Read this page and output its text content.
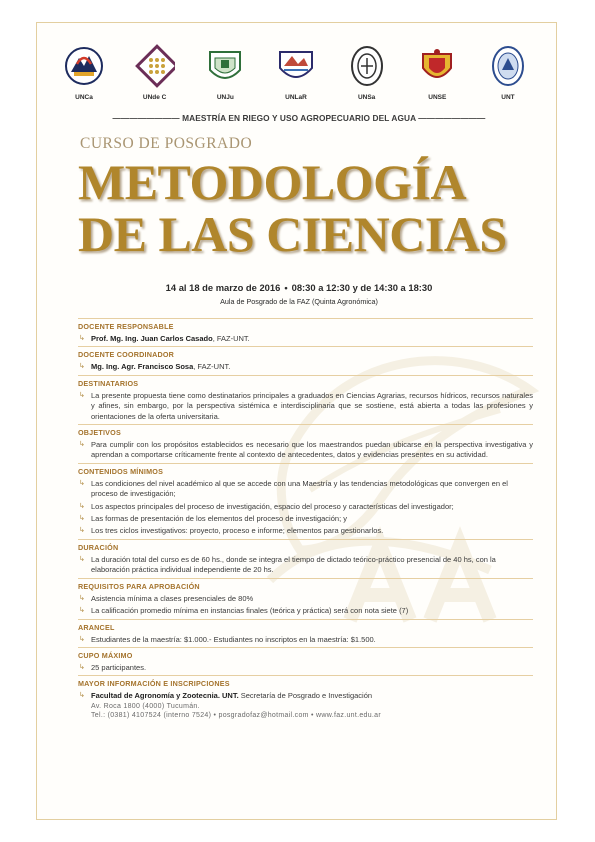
UNCa	UNde C	UNJu	UNLaR	UNSa	UNSE	UNT
———————— MAESTRÍA EN RIEGO Y USO AGROPECUARIO DEL AGUA ————————
CURSO DE POSGRADO
METODOLOGÍA
DE LAS CIENCIAS
14 al 18 de marzo de 2016 • 08:30 a 12:30 y de 14:30 a 18:30
Aula de Posgrado de la FAZ (Quinta Agronómica)
DOCENTE RESPONSABLE
↳ Prof. Mg. Ing. Juan Carlos Casado, FAZ-UNT.
DOCENTE COORDINADOR
↳ Mg. Ing. Agr. Francisco Sosa, FAZ-UNT.
DESTINATARIOS
↳ La presente propuesta tiene como destinatarios principales a graduados en Ciencias Agrarias, recursos hídricos, recursos naturales y afines, sin embargo, por la perspectiva sistémica e interdisciplinaria que se sostiene, está abierta a todas las profesiones y orientaciones de la oferta universitaria.
OBJETIVOS
↳ Para cumplir con los propósitos establecidos es necesario que los maestrandos puedan ubicarse en la perspectiva investigativa y aprendan a comportarse críticamente frente al contexto de antecedentes, datos y evidencias presentes en su actividad.
CONTENIDOS MÍNIMOS
↳ Las condiciones del nivel académico al que se accede con una Maestría y las tendencias metodológicas que convergen en el proceso de investigación;
↳ Los aspectos principales del proceso de investigación, espacio del proceso y características del investigador;
↳ Las formas de presentación de los elementos del proceso de investigación; y
↳ Los tres ciclos investigativos: proyecto, proceso e informe; elementos para gestionarlos.
DURACIÓN
↳ La duración total del curso es de 60 hs., donde se integra el tiempo de dictado teórico-práctico presencial de 40 hs, con la elaboración práctica individual independiente de 20 hs.
REQUISITOS PARA APROBACIÓN
↳ Asistencia mínima a clases presenciales de 80%
↳ La calificación promedio mínima en instancias finales (teórica y práctica) será con nota siete (7)
ARANCEL
↳ Estudiantes de la maestría: $1.000.- Estudiantes no inscriptos en la maestría: $1.500.
CUPO MÁXIMO
↳ 25 participantes.
MAYOR INFORMACIÓN E INSCRIPCIONES
↳ Facultad de Agronomía y Zootecnia. UNT. Secretaría de Posgrado e Investigación
Av. Roca 1800 (4000) Tucumán.
Tel.: (0381) 4107524 (interno 7524) • posgradofaz@hotmail.com • www.faz.unt.edu.ar
